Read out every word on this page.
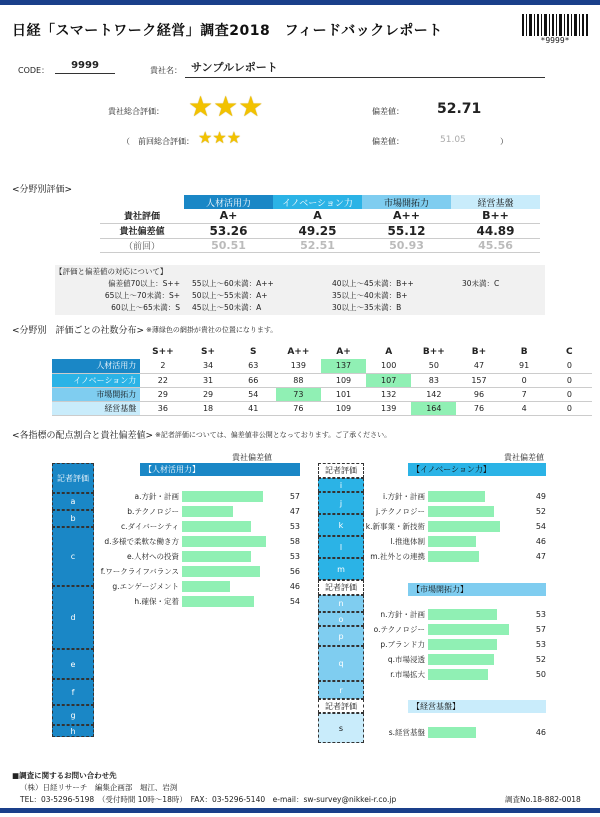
日経「スマートワーク経営」調査2018　フィードバックレポート
*9999*
CODE：	9999	貴社名： サンプルレポート
貴社総合評価： ★★★	偏差値： 52.71
（　前回総合評価： ★★★	偏差値：	51.05	）
<分野別評価>
	人材活用力	イノベーション力	市場開拓力	経営基盤
貴社評価	A+	A	A++	B++
貴社偏差値	53.26	49.25	55.12	44.89
（前回）	50.51	52.51	50.93	45.56
【評価と偏差値の対応について】
偏差値70以上：S++	55以上～60未満：A++	40以上～45未満：B++	30未満：C
65以上～70未満：S+	50以上～55未満：A+	35以上～40未満：B+	
60以上～65未満：S	45以上～50未満：A	30以上～35未満：B	
<分野別　評価ごとの社数分布> ※薄緑色の網掛が貴社の位置になります。
	S++	S+	S	A++	A+	A	B++	B+	B	C
人材活用力	2	34	63	139	137	100	50	47	91	0
イノベーション力	22	31	66	88	109	107	83	157	0	0
市場開拓力	29	29	54	73	101	132	142	96	7	0
経営基盤	36	18	41	76	109	139	164	76	4	0
<各指標の配点割合と貴社偏差値> ※記者評価については、偏差値非公開となっております。ご了承ください。
記者評価
a
b
c
d
e
f
g
h
貴社偏差値
【人材活用力】
a.方針・計画	57
b.テクノロジー	47
c.ダイバーシティ	53
d.多様で柔軟な働き方	58
e.人材への投資	53
f.ワークライフバランス	56
g.エンゲージメント	46
h.確保・定着	54
記者評価
i
j
k
l
m
記者評価
n
o
p
q
r
記者評価
s
貴社偏差値
【イノベーション力】
i.方針・計画	49
j.テクノロジー	52
k.新事業・新技術	54
l.推進体制	46
m.社外との連携	47
【市場開拓力】
n.方針・計画	53
o.テクノロジー	57
p.ブランド力	53
q.市場浸透	52
r.市場拡大	50
【経営基盤】
s.経営基盤	46
■調査に関するお問い合わせ先
（株）日経リサーチ　編集企画部　堀江、岩渕
TEL：03-5296-5198　（受付時間 10時～18時）　FAX：03-5296-5140　e-mail：sw-survey@nikkei-r.co.jp	調査No.18-882-0018
